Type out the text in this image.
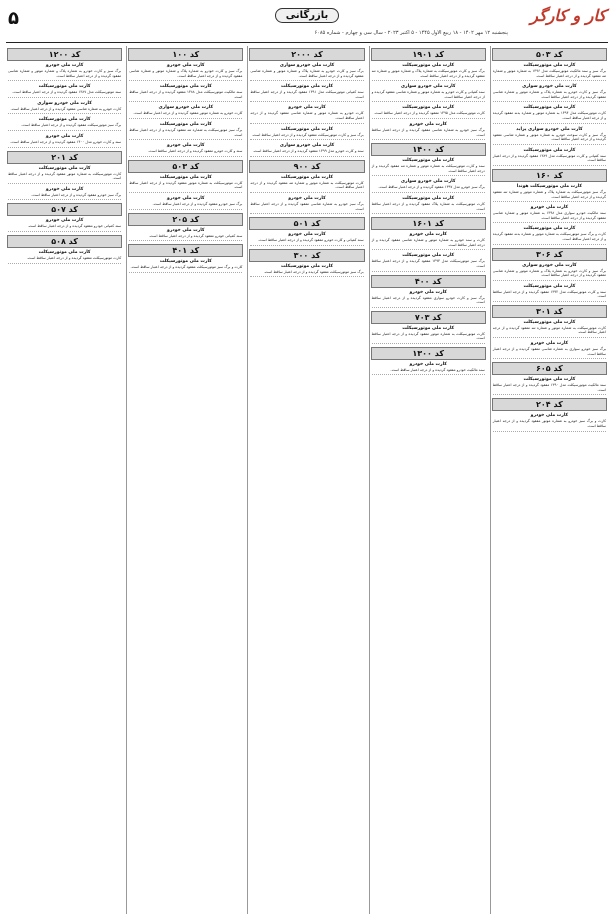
۵	بازرگانی	کار و کارگر
پنجشنبه ۱۲ مهر ۱۴۰۲ - ۱۸ ربیع الاول ۱۴۴۵ - ۵ اکتبر ۲۰۲۳ - سال سی و چهارم - شماره ۶۰۸۵
کد ۵۰۳
کارت ملی موتورسیکلت
برگ سبز و سند مالکیت موتورسیکلت مدل ۱۳۹۶ به شماره موتور و شماره تنه مفقود گردیده و از درجه اعتبار ساقط است.
کارت ملی خودرو سواری
برگ سبز و کارت خودرو به شماره پلاک و شماره موتور و شماره شاسی مفقود گردیده و از درجه اعتبار ساقط است.
کارت ملی موتورسیکلت
کارت موتورسیکلت مدل ۱۳۹۴ به شماره موتور و شماره بدنه مفقود گردیده و از درجه اعتبار ساقط است.
کارت ملی خودرو سواری پراید
برگ سبز و کارت سوخت خودرو به شماره موتور و شماره شاسی مفقود گردیده و از درجه اعتبار ساقط است.
کارت ملی موتورسیکلت
سند کمپانی و کارت موتورسیکلت مدل ۱۳۸۹ مفقود گردیده و از درجه اعتبار ساقط است.
کد ۱۶۰
کارت ملی موتورسیکلت هوندا
برگ سبز موتورسیکلت به شماره پلاک و شماره موتور و شماره تنه مفقود گردیده و از درجه اعتبار ساقط است.
کارت ملی خودرو
سند مالکیت خودرو سواری مدل ۱۳۹۸ به شماره موتور و شماره شاسی مفقود گردیده و از درجه اعتبار ساقط است.
کارت ملی موتورسیکلت
کارت و برگ سبز موتورسیکلت به شماره موتور و شماره بدنه مفقود گردیده و از درجه اعتبار ساقط است.
کد ۳۰۶
کارت ملی خودرو سواری
برگ سبز و کارت خودرو به شماره پلاک و شماره موتور و شماره شاسی مفقود گردیده و از درجه اعتبار ساقط است.
کارت ملی موتورسیکلت
سند و کارت موتورسیکلت مدل ۱۳۹۲ مفقود گردیده و از درجه اعتبار ساقط است.
کد ۳۰۱
کارت ملی موتورسیکلت
کارت موتورسیکلت به شماره موتور و شماره تنه مفقود گردیده و از درجه اعتبار ساقط است.
کارت ملی خودرو
برگ سبز خودرو سواری به شماره شاسی مفقود گردیده و از درجه اعتبار ساقط است.
کد ۶۰۵
کارت ملی موتورسیکلت
سند مالکیت موتورسیکلت مدل ۱۳۹۰ مفقود گردیده و از درجه اعتبار ساقط است.
کد ۲۰۴
کارت ملی خودرو
کارت و برگ سبز خودرو به شماره موتور مفقود گردیده و از درجه اعتبار ساقط است.
کد ۱۹۰۱
کارت ملی موتورسیکلت
برگ سبز و کارت موتورسیکلت به شماره پلاک و شماره موتور و شماره تنه مفقود گردیده و از درجه اعتبار ساقط است.
کارت ملی خودرو سواری
سند کمپانی و کارت خودرو به شماره موتور و شماره شاسی مفقود گردیده و از درجه اعتبار ساقط است.
کارت ملی موتورسیکلت
کارت موتورسیکلت مدل ۱۳۹۵ مفقود گردیده و از درجه اعتبار ساقط است.
کارت ملی خودرو
برگ سبز خودرو به شماره شاسی مفقود گردیده و از درجه اعتبار ساقط است.
کد ۱۴۰۰
کارت ملی موتورسیکلت
سند و کارت موتورسیکلت به شماره موتور و شماره تنه مفقود گردیده و از درجه اعتبار ساقط است.
کارت ملی خودرو سواری
برگ سبز خودرو مدل ۱۳۹۷ مفقود گردیده و از درجه اعتبار ساقط است.
کارت ملی موتورسیکلت
کارت موتورسیکلت به شماره پلاک مفقود گردیده و از درجه اعتبار ساقط است.
کد ۱۶۰۱
کارت ملی خودرو
کارت و سند خودرو به شماره موتور و شماره شاسی مفقود گردیده و از درجه اعتبار ساقط است.
کارت ملی موتورسیکلت
برگ سبز موتورسیکلت مدل ۱۳۹۳ مفقود گردیده و از درجه اعتبار ساقط است.
کد ۴۰۰
کارت ملی خودرو
برگ سبز و کارت خودرو سواری مفقود گردیده و از درجه اعتبار ساقط است.
کد ۷۰۳
کارت ملی موتورسیکلت
کارت موتورسیکلت به شماره موتور مفقود گردیده و از درجه اعتبار ساقط است.
کد ۱۳۰۰
کارت ملی خودرو
سند مالکیت خودرو مفقود گردیده و از درجه اعتبار ساقط است.
کد ۲۰۰۰
کارت ملی خودرو سواری
برگ سبز و کارت خودرو به شماره پلاک و شماره موتور و شماره شاسی مفقود گردیده و از درجه اعتبار ساقط است.
کارت ملی موتورسیکلت
سند کمپانی موتورسیکلت مدل ۱۳۹۱ مفقود گردیده و از درجه اعتبار ساقط است.
کارت ملی خودرو
کارت خودرو به شماره موتور و شماره شاسی مفقود گردیده و از درجه اعتبار ساقط است.
کارت ملی موتورسیکلت
برگ سبز و کارت موتورسیکلت مفقود گردیده و از درجه اعتبار ساقط است.
کارت ملی خودرو سواری
سند و کارت خودرو مدل ۱۳۹۹ مفقود گردیده و از درجه اعتبار ساقط است.
کد ۹۰۰
کارت ملی موتورسیکلت
کارت موتورسیکلت به شماره موتور و شماره تنه مفقود گردیده و از درجه اعتبار ساقط است.
کارت ملی خودرو
برگ سبز خودرو به شماره شاسی مفقود گردیده و از درجه اعتبار ساقط است.
کد ۵۰۱
کارت ملی خودرو
سند کمپانی و کارت خودرو مفقود گردیده و از درجه اعتبار ساقط است.
کد ۳۰۰
کارت ملی موتورسیکلت
برگ سبز موتورسیکلت مفقود گردیده و از درجه اعتبار ساقط است.
کد ۱۰۰
کارت ملی خودرو
برگ سبز و کارت خودرو به شماره پلاک و شماره موتور و شماره شاسی مفقود گردیده و از درجه اعتبار ساقط است.
کارت ملی موتورسیکلت
سند مالکیت موتورسیکلت مدل ۱۳۸۸ مفقود گردیده و از درجه اعتبار ساقط است.
کارت ملی خودرو سواری
کارت خودرو به شماره موتور مفقود گردیده و از درجه اعتبار ساقط است.
کارت ملی موتورسیکلت
برگ سبز موتورسیکلت به شماره تنه مفقود گردیده و از درجه اعتبار ساقط است.
کارت ملی خودرو
سند و کارت خودرو مفقود گردیده و از درجه اعتبار ساقط است.
کد ۵۰۳
کارت ملی موتورسیکلت
کارت موتورسیکلت به شماره موتور مفقود گردیده و از درجه اعتبار ساقط است.
کارت ملی خودرو
برگ سبز خودرو مفقود گردیده و از درجه اعتبار ساقط است.
کد ۲۰۵
کارت ملی خودرو
سند کمپانی خودرو مفقود گردیده و از درجه اعتبار ساقط است.
کد ۴۰۱
کارت ملی موتورسیکلت
کارت و برگ سبز موتورسیکلت مفقود گردیده و از درجه اعتبار ساقط است.
کد ۱۲۰۰
کارت ملی خودرو
برگ سبز و کارت خودرو به شماره پلاک و شماره موتور و شماره شاسی مفقود گردیده و از درجه اعتبار ساقط است.
کارت ملی موتورسیکلت
سند موتورسیکلت مدل ۱۳۸۷ مفقود گردیده و از درجه اعتبار ساقط است.
کارت ملی خودرو سواری
کارت خودرو به شماره شاسی مفقود گردیده و از درجه اعتبار ساقط است.
کارت ملی موتورسیکلت
برگ سبز موتورسیکلت مفقود گردیده و از درجه اعتبار ساقط است.
کارت ملی خودرو
سند و کارت خودرو مدل ۱۴۰۰ مفقود گردیده و از درجه اعتبار ساقط است.
کد ۲۰۱
کارت ملی موتورسیکلت
کارت موتورسیکلت به شماره موتور مفقود گردیده و از درجه اعتبار ساقط است.
کارت ملی خودرو
برگ سبز خودرو مفقود گردیده و از درجه اعتبار ساقط است.
کد ۵۰۷
کارت ملی خودرو
سند کمپانی خودرو مفقود گردیده و از درجه اعتبار ساقط است.
کد ۵۰۸
کارت ملی موتورسیکلت
کارت موتورسیکلت مفقود گردیده و از درجه اعتبار ساقط است.
